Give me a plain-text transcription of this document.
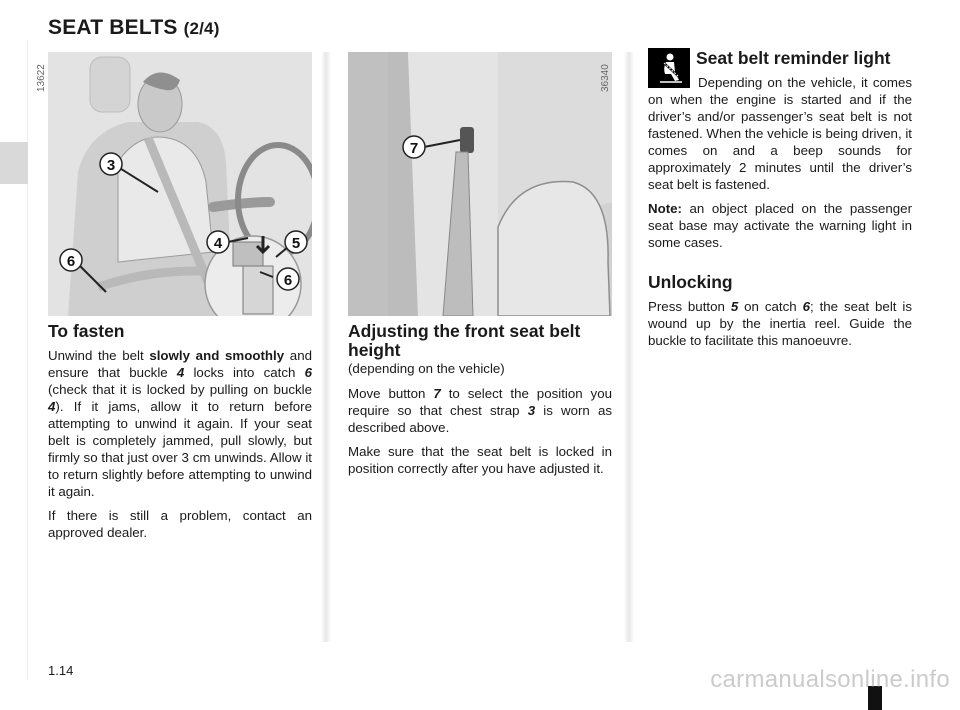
SEAT BELTS (2/4)
3
4	5
6
6
13622
7
36340
To fasten

Unwind the belt slowly and smoothly and ensure that buckle 4 locks into catch 6 (check that it is locked by pulling on buckle 4). If it jams, allow it to return before attempting to unwind it again. If your seat belt is completely jammed, pull slowly, but firmly so that just over 3 cm unwinds. Allow it to return slightly before attempting to unwind it again.

If there is still a problem, contact an approved dealer.

Adjusting the front seat belt height

(depending on the vehicle)

Move button 7 to select the position you require so that chest strap 3 is worn as described above.

Make sure that the seat belt is locked in position correctly after you have adjusted it.

Seat belt reminder light

Depending on the vehicle, it comes on when the engine is started and if the driver’s and/or passenger’s seat belt is not fastened. When the vehicle is being driven, it comes on and a beep sounds for approximately 2 minutes until the driver’s seat belt is fastened.

Note: an object placed on the passenger seat base may activate the warning light in some cases.

Unlocking

Press button 5 on catch 6; the seat belt is wound up by the inertia reel. Guide the buckle to facilitate this manoeuvre.

1.14	carmanualsonline.info
